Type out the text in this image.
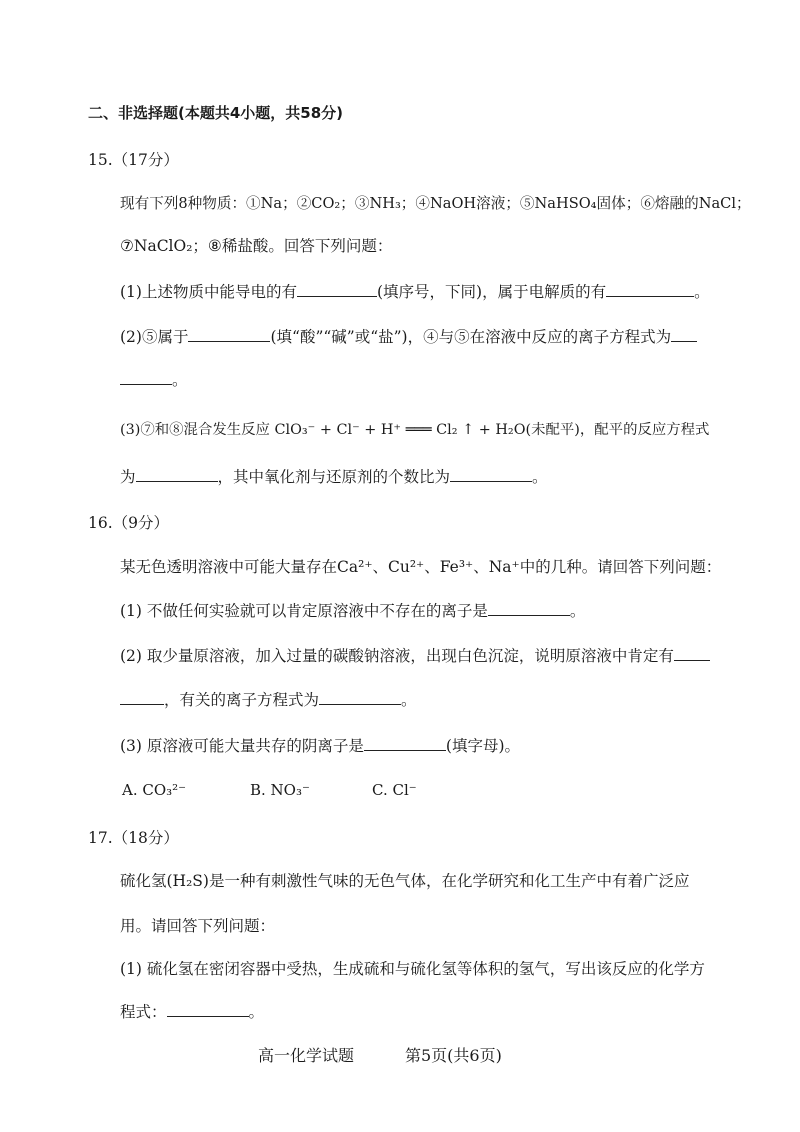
二、非选择题(本题共4小题，共58分)
15.（17分）
现有下列8种物质：①Na；②CO₂；③NH₃；④NaOH溶液；⑤NaHSO₄固体；⑥熔融的NaCl；
⑦NaClO₂；⑧稀盐酸。回答下列问题：
(1)上述物质中能导电的有	(填序号，下同)，属于电解质的有	。
(2)⑤属于	(填“酸”“碱”或“盐”)，④与⑤在溶液中反应的离子方程式为
。
(3)⑦和⑧混合发生反应 ClO₃⁻ + Cl⁻ + H⁺ ═══ Cl₂ ↑ + H₂O(未配平)，配平的反应方程式
为	，其中氧化剂与还原剂的个数比为	。
16.（9分）
某无色透明溶液中可能大量存在Ca²⁺、Cu²⁺、Fe³⁺、Na⁺中的几种。请回答下列问题：
(1) 不做任何实验就可以肯定原溶液中不存在的离子是	。
(2) 取少量原溶液，加入过量的碳酸钠溶液，出现白色沉淀，说明原溶液中肯定有
，有关的离子方程式为	。
(3) 原溶液可能大量共存的阴离子是	(填字母)。
A. CO₃²⁻	B. NO₃⁻	C. Cl⁻
17.（18分）
硫化氢(H₂S)是一种有刺激性气味的无色气体，在化学研究和化工生产中有着广泛应
用。请回答下列问题：
(1) 硫化氢在密闭容器中受热，生成硫和与硫化氢等体积的氢气，写出该反应的化学方
程式：	。
高一化学试题	第5页(共6页)
